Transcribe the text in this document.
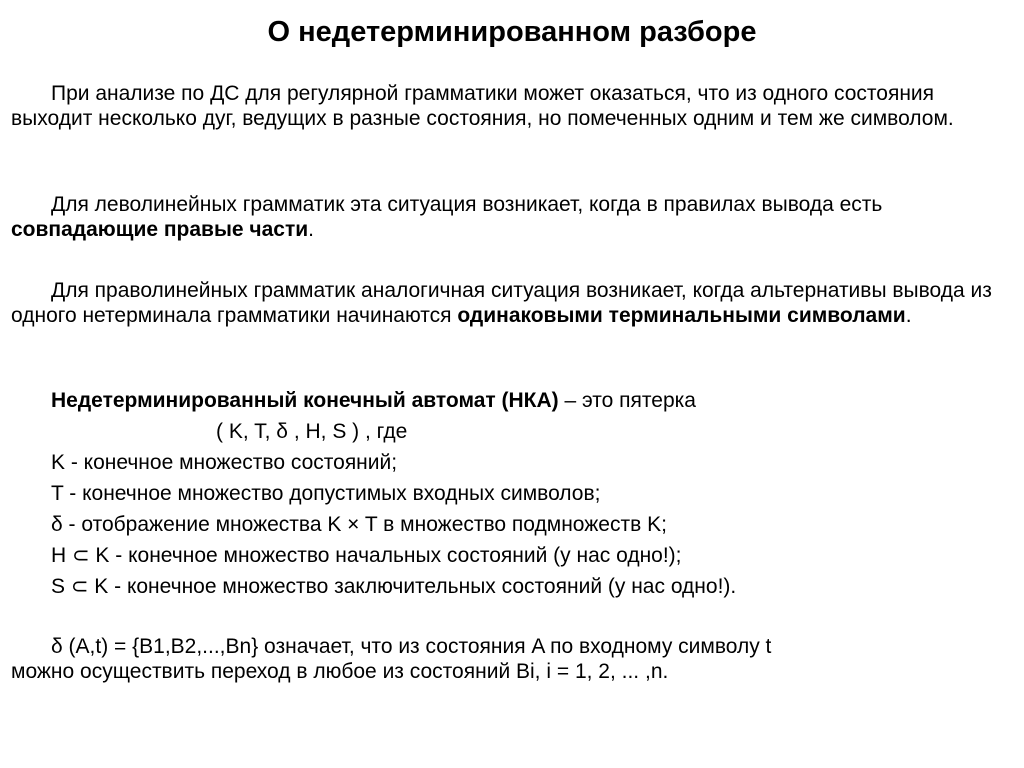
О недетерминированном разборе

При анализе по ДС для регулярной грамматики может оказаться, что из одного состояния выходит несколько дуг, ведущих в разные состояния, но помеченных одним и тем же символом.

Для леволинейных грамматик эта ситуация возникает, когда в правилах вывода есть совпадающие правые части.

Для праволинейных грамматик аналогичная ситуация возникает, когда альтернативы вывода из одного нетерминала грамматики начинаются одинаковыми терминальными символами.

Недетерминированный конечный автомат (НКА) – это пятерка
( K, T, δ , H, S ) , где
K - конечное множество состояний;
T - конечное множество допустимых входных символов;
δ - отображение множества K × T в множество подмножеств K;
H ⊂ K - конечное множество начальных состояний (у нас одно!);
S ⊂ K - конечное множество заключительных состояний (у нас одно!).
δ (A,t) = {B1,B2,...,Bn} означает, что из состояния A по входному символу t
можно осуществить переход в любое из состояний Bi, i = 1, 2, ... ,n.
